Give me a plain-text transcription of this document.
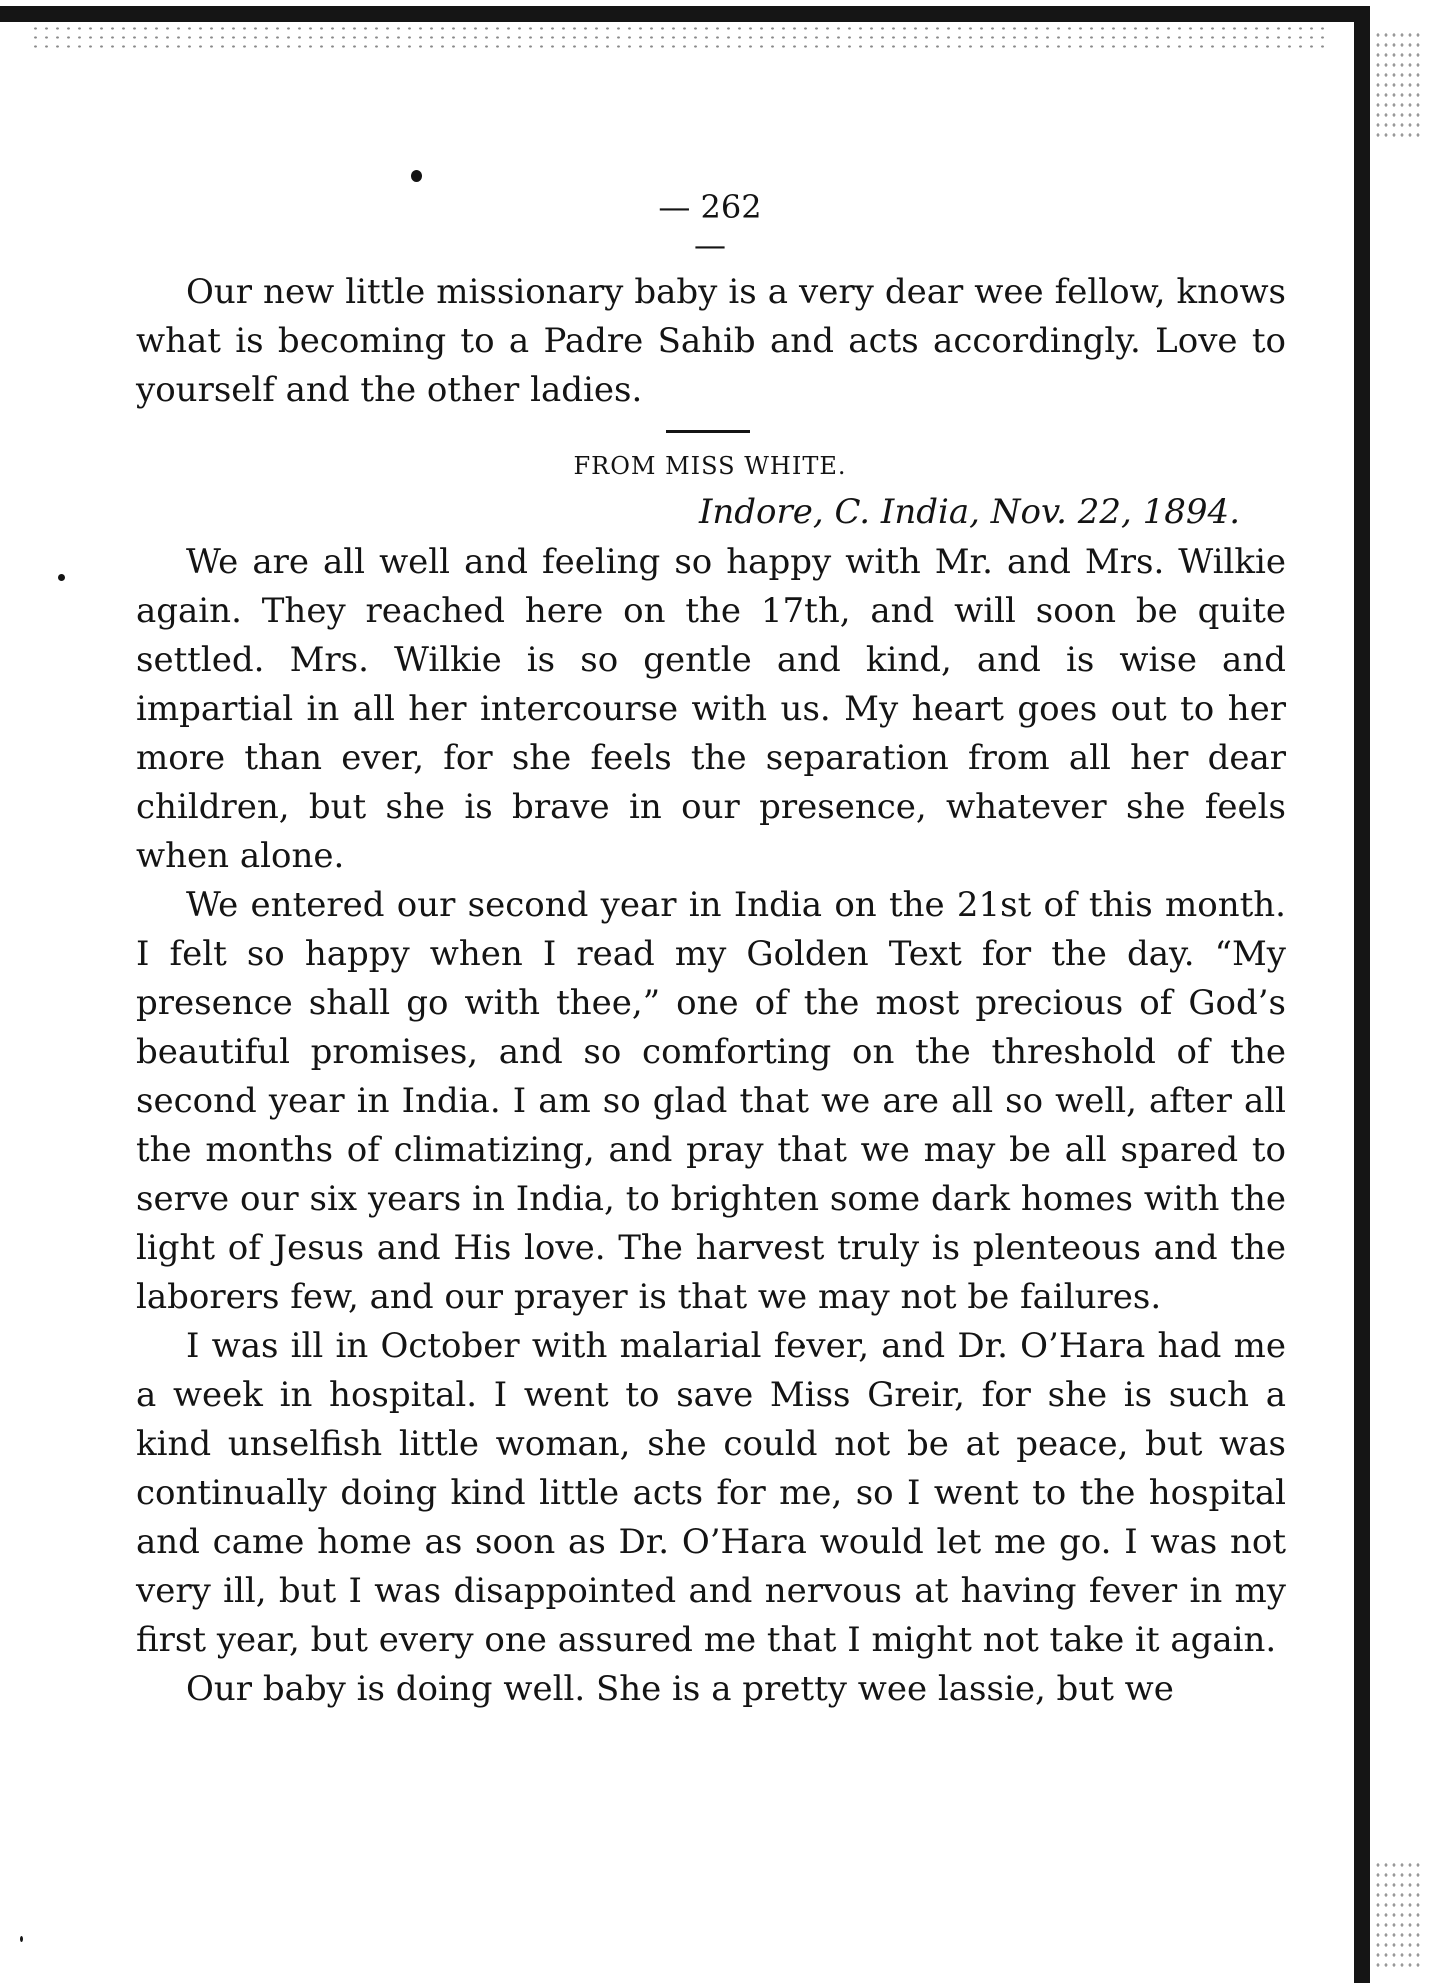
— 262 —

Our new little missionary baby is a very dear wee fellow, knows what is becoming to a Padre Sahib and acts accordingly. Love to yourself and the other ladies.

FROM MISS WHITE.
Indore, C. India, Nov. 22, 1894.

We are all well and feeling so happy with Mr. and Mrs. Wilkie again. They reached here on the 17th, and will soon be quite settled. Mrs. Wilkie is so gentle and kind, and is wise and impartial in all her intercourse with us. My heart goes out to her more than ever, for she feels the separation from all her dear children, but she is brave in our presence, whatever she feels when alone.

We entered our second year in India on the 21st of this month. I felt so happy when I read my Golden Text for the day. “My presence shall go with thee,” one of the most precious of God’s beautiful promises, and so comforting on the threshold of the second year in India. I am so glad that we are all so well, after all the months of climatizing, and pray that we may be all spared to serve our six years in India, to brighten some dark homes with the light of Jesus and His love. The harvest truly is plenteous and the laborers few, and our prayer is that we may not be failures.

I was ill in October with malarial fever, and Dr. O’Hara had me a week in hospital. I went to save Miss Greir, for she is such a kind unselfish little woman, she could not be at peace, but was continually doing kind little acts for me, so I went to the hospital and came home as soon as Dr. O’Hara would let me go. I was not very ill, but I was disappointed and nervous at having fever in my first year, but every one assured me that I might not take it again.

Our baby is doing well. She is a pretty wee lassie, but we
